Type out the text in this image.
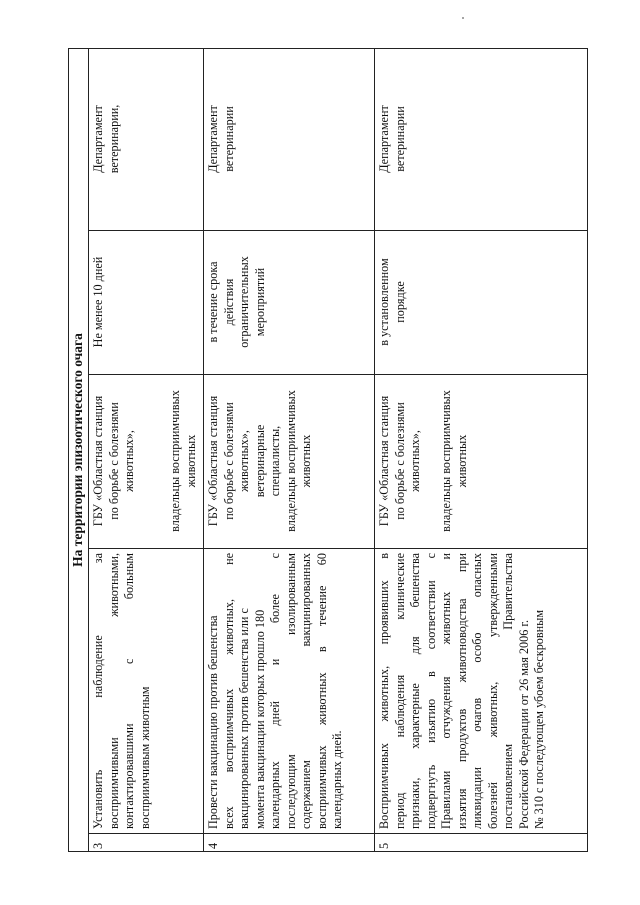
На территории эпизоотического очага
3
Установить наблюдение за восприимчивыми животными, контактировавшими с больным восприимчивым животным
ГБУ «Областная станция по борьбе с болезнями животных»,	владельцы восприимчивых животных
Не менее 10 дней
Департамент ветеринарии,
4
Провести вакцинацию против бешенства всех восприимчивых животных, не вакцинированных против бешенства или с момента вакцинации которых прошло 180 календарных дней и более с последующим изолированным содержанием вакцинированных восприимчивых животных в течение 60 календарных дней.
ГБУ «Областная станция по борьбе с болезнями животных», ветеринарные специалисты, владельцы восприимчивых животных
в течение срока действия ограничительных мероприятий
Департамент ветеринарии
5
Восприимчивых животных, проявивших в период наблюдения клинические признаки, характерные для бешенства подвергнуть изъятию в соответствии с Правилами отчуждения животных и изъятия продуктов животноводства при ликвидации очагов особо опасных болезней животных, утвержденными постановлением Правительства Российской Федерации от 26 мая 2006 г. № 310 с последующем убоем бескровным
ГБУ «Областная станция по борьбе с болезнями животных», владельцы восприимчивых животных
в установленном порядке
Департамент ветеринарии
